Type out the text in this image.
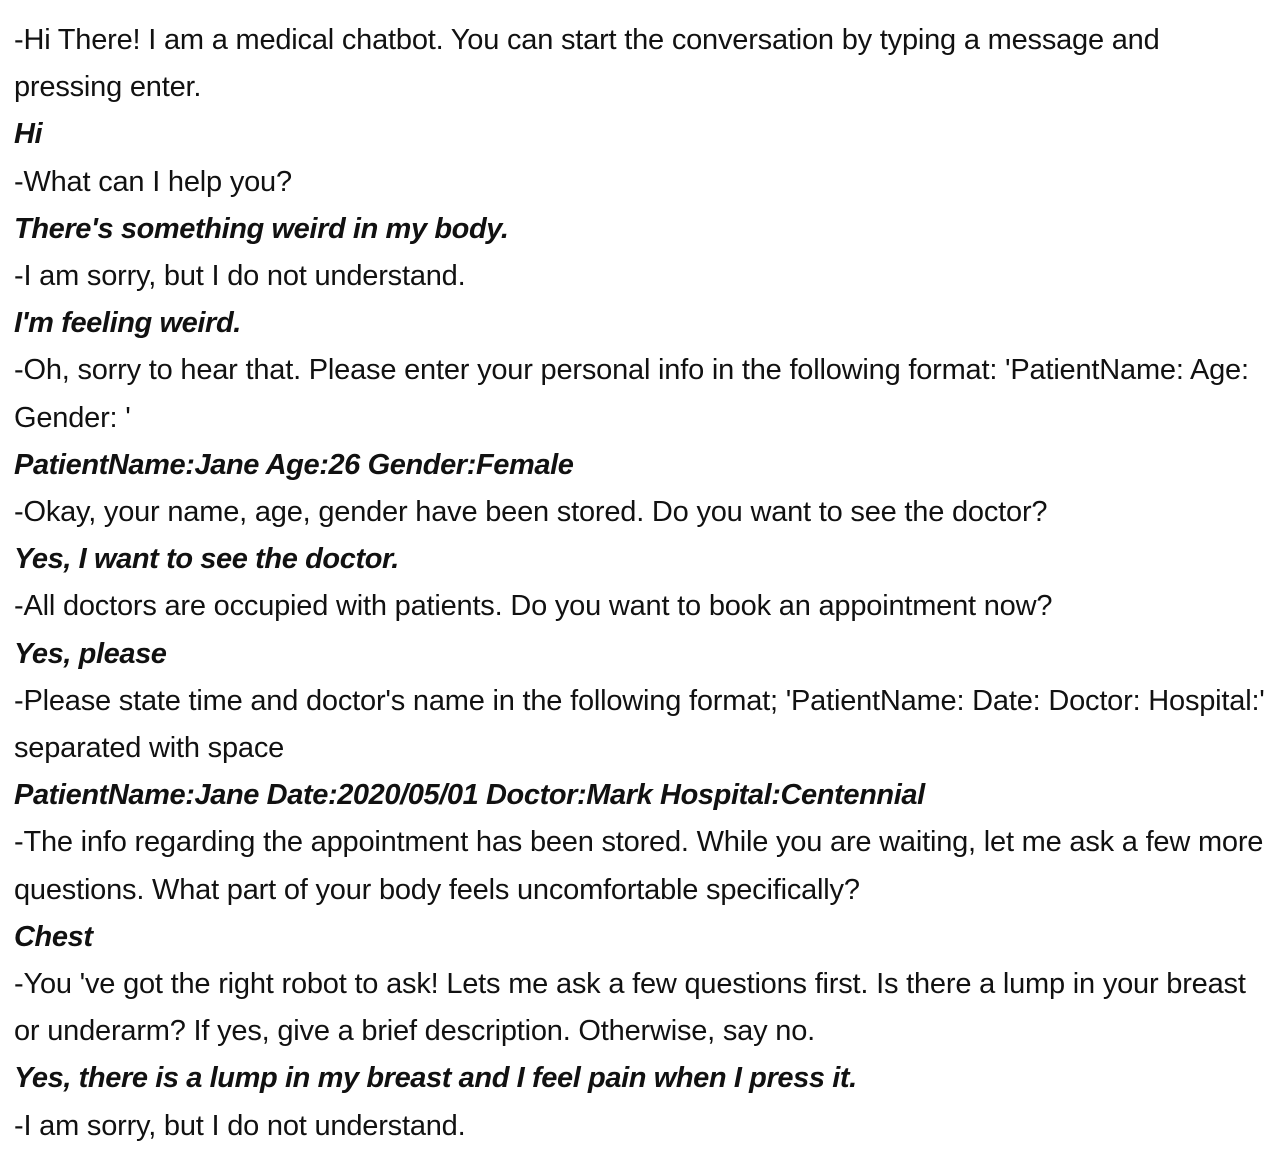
-Hi There! I am a medical chatbot. You can start the conversation by typing a message and pressing enter.

Hi

-What can I help you?

There's something weird in my body.

-I am sorry, but I do not understand.

I'm feeling weird.

-Oh, sorry to hear that. Please enter your personal info in the following format: 'PatientName: Age: Gender: '

PatientName:Jane Age:26 Gender:Female

-Okay, your name, age, gender have been stored. Do you want to see the doctor?

Yes, I want to see the doctor.

-All doctors are occupied with patients. Do you want to book an appointment now?

Yes, please

-Please state time and doctor's name in the following format; 'PatientName: Date: Doctor: Hospital:' separated with space

PatientName:Jane Date:2020/05/01 Doctor:Mark Hospital:Centennial

-The info regarding the appointment has been stored. While you are waiting, let me ask a few more questions. What part of your body feels uncomfortable specifically?

Chest

-You 've got the right robot to ask! Lets me ask a few questions first. Is there a lump in your breast or underarm? If yes, give a brief description. Otherwise, say no.

Yes, there is a lump in my breast and I feel pain when I press it.

-I am sorry, but I do not understand.
